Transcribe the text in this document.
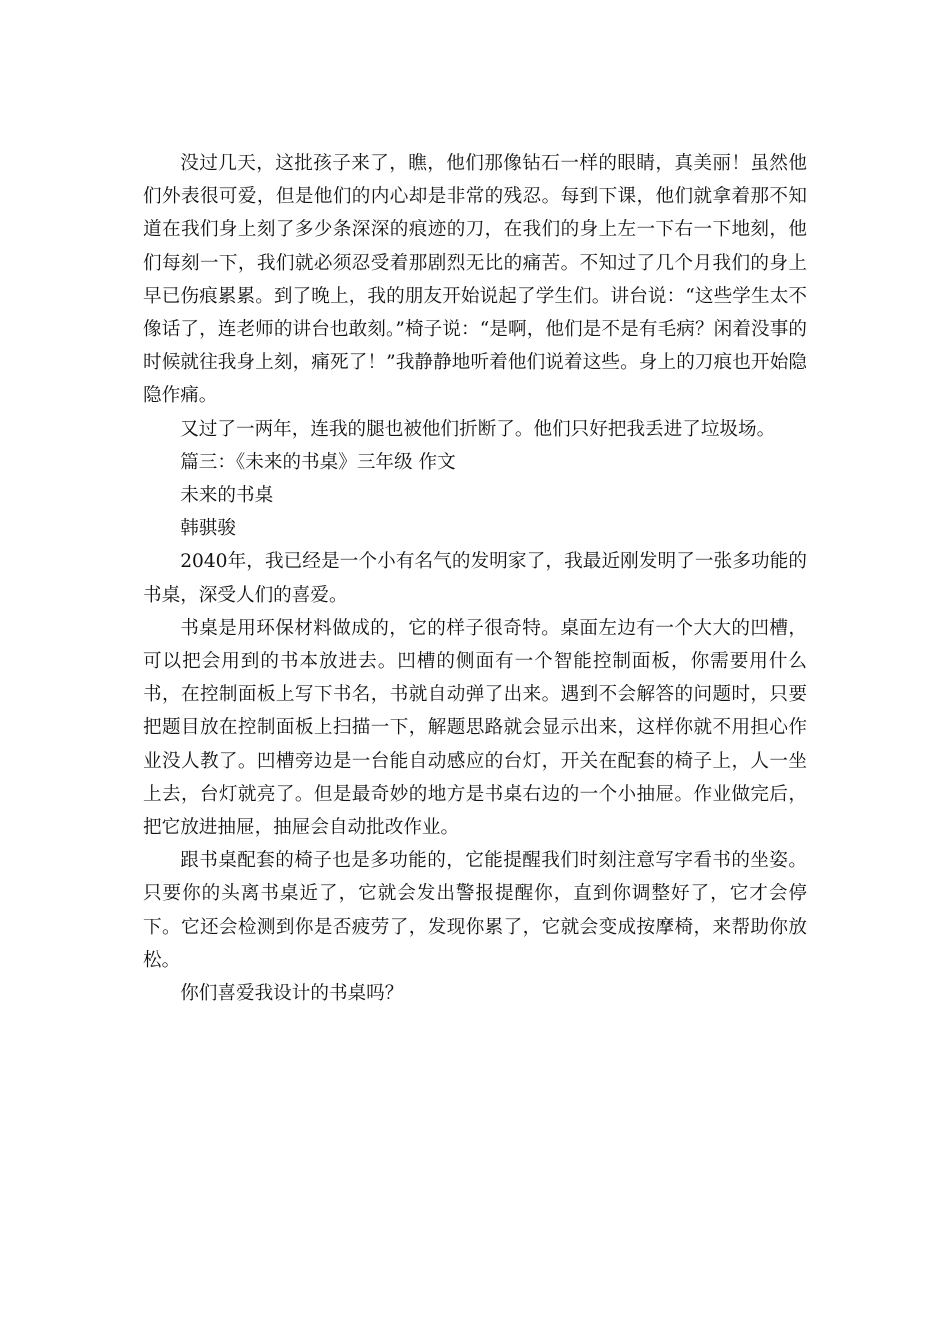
没过几天，这批孩子来了，瞧，他们那像钻石一样的眼睛，真美丽！虽然他们外表很可爱，但是他们的内心却是非常的残忍。每到下课，他们就拿着那不知道在我们身上刻了多少条深深的痕迹的刀，在我们的身上左一下右一下地刻，他们每刻一下，我们就必须忍受着那剧烈无比的痛苦。不知过了几个月我们的身上早已伤痕累累。到了晚上，我的朋友开始说起了学生们。讲台说：“这些学生太不像话了，连老师的讲台也敢刻。”椅子说：“是啊，他们是不是有毛病？闲着没事的时候就往我身上刻，痛死了！”我静静地听着他们说着这些。身上的刀痕也开始隐隐作痛。

又过了一两年，连我的腿也被他们折断了。他们只好把我丢进了垃圾场。

篇三：《未来的书桌》三年级 作文

未来的书桌

韩骐骏

2040年，我已经是一个小有名气的发明家了，我最近刚发明了一张多功能的书桌，深受人们的喜爱。

书桌是用环保材料做成的，它的样子很奇特。桌面左边有一个大大的凹槽，可以把会用到的书本放进去。凹槽的侧面有一个智能控制面板，你需要用什么书，在控制面板上写下书名，书就自动弹了出来。遇到不会解答的问题时，只要把题目放在控制面板上扫描一下，解题思路就会显示出来，这样你就不用担心作业没人教了。凹槽旁边是一台能自动感应的台灯，开关在配套的椅子上，人一坐上去，台灯就亮了。但是最奇妙的地方是书桌右边的一个小抽屉。作业做完后，把它放进抽屉，抽屉会自动批改作业。

跟书桌配套的椅子也是多功能的，它能提醒我们时刻注意写字看书的坐姿。只要你的头离书桌近了，它就会发出警报提醒你，直到你调整好了，它才会停下。它还会检测到你是否疲劳了，发现你累了，它就会变成按摩椅，来帮助你放松。

你们喜爱我设计的书桌吗？
